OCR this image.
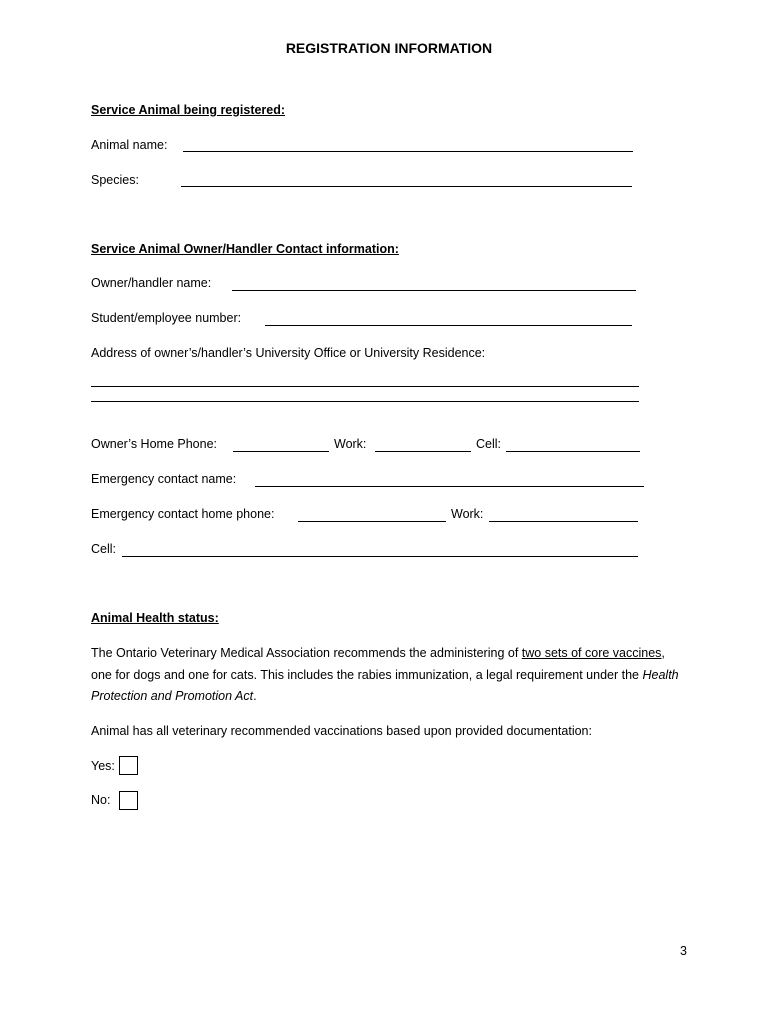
REGISTRATION INFORMATION
Service Animal being registered:
Animal name:
Species:
Service Animal Owner/Handler Contact information:
Owner/handler name:
Student/employee number:
Address of owner’s/handler’s University Office or University Residence:
Owner’s Home Phone:	Work:	Cell:
Emergency contact name:
Emergency contact home phone:	Work:
Cell:
Animal Health status:
The Ontario Veterinary Medical Association recommends the administering of two sets of core vaccines, one for dogs and one for cats. This includes the rabies immunization, a legal requirement under the Health Protection and Promotion Act.
Animal has all veterinary recommended vaccinations based upon provided documentation:
Yes:
No:
3
